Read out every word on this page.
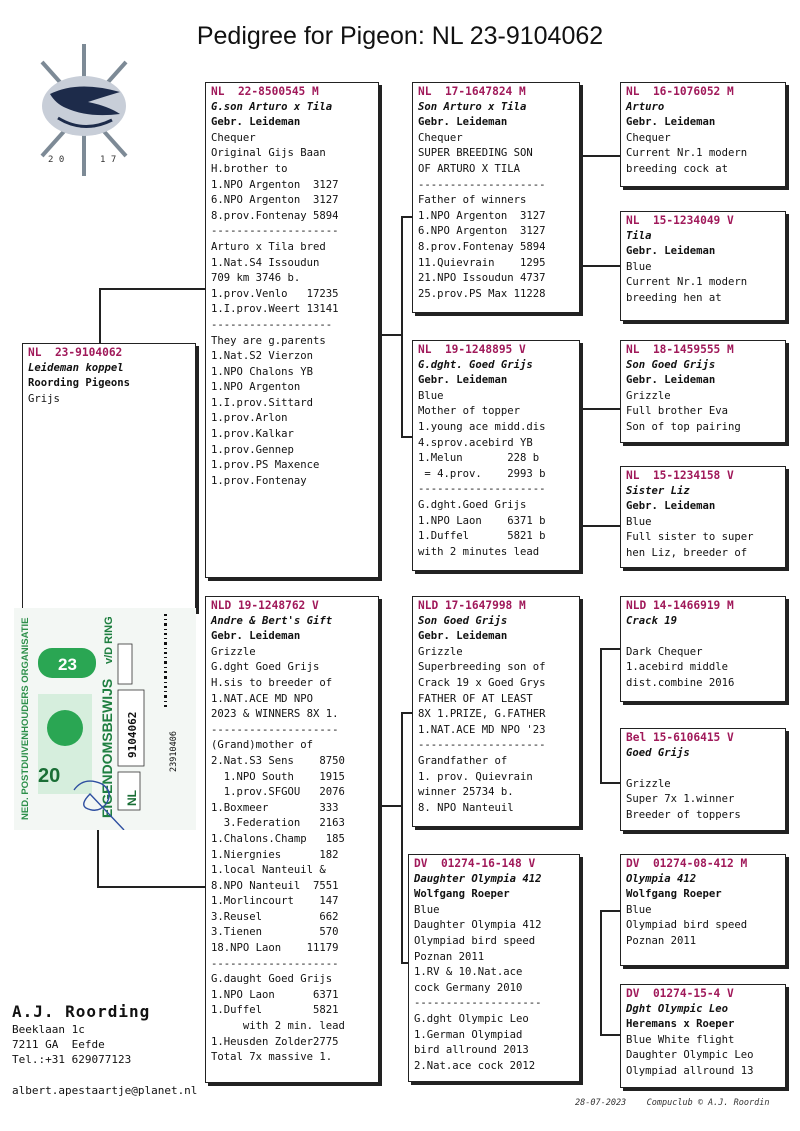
Pedigree for Pigeon: NL 23-9104062
2 0	1 7
NL  23-9104062
Leideman koppel
Roording Pigeons
Grijs
NL  22-8500545 M
G.son Arturo x Tila
Gebr. Leideman
Chequer
Original Gijs Baan
H.brother to
1.NPO Argenton  3127
6.NPO Argenton  3127
8.prov.Fontenay 5894
--------------------
Arturo x Tila bred
1.Nat.S4 Issoudun
709 km 3746 b.
1.prov.Venlo   17235
1.I.prov.Weert 13141
-------------------
They are g.parents
1.Nat.S2 Vierzon
1.NPO Chalons YB
1.NPO Argenton
1.I.prov.Sittard
1.prov.Arlon
1.prov.Kalkar
1.prov.Gennep
1.prov.PS Maxence
1.prov.Fontenay
NLD 19-1248762 V
Andre & Bert's Gift
Gebr. Leideman
Grizzle
G.dght Goed Grijs
H.sis to breeder of
1.NAT.ACE MD NPO
2023 & WINNERS 8X 1.
--------------------
(Grand)mother of
2.Nat.S3 Sens    8750
1.NPO South    1915
1.prov.SFGOU   2076
1.Boxmeer        333
3.Federation   2163
1.Chalons.Champ   185
1.Niergnies      182
1.local Nanteuil &
8.NPO Nanteuil  7551
1.Morlincourt    147
3.Reusel         662
3.Tienen         570
18.NPO Laon    11179
--------------------
G.daught Goed Grijs
1.NPO Laon      6371
1.Duffel        5821
with 2 min. lead
1.Heusden Zolder2775
Total 7x massive 1.
NL  17-1647824 M
Son Arturo x Tila
Gebr. Leideman
Chequer
SUPER BREEDING SON
OF ARTURO X TILA
--------------------
Father of winners
1.NPO Argenton  3127
6.NPO Argenton  3127
8.prov.Fontenay 5894
11.Quievrain    1295
21.NPO Issoudun 4737
25.prov.PS Max 11228
NL  19-1248895 V
G.dght. Goed Grijs
Gebr. Leideman
Blue
Mother of topper
1.young ace midd.dis
4.sprov.acebird YB
1.Melun       228 b
= 4.prov.    2993 b
--------------------
G.dght.Goed Grijs
1.NPO Laon    6371 b
1.Duffel      5821 b
with 2 minutes lead
NLD 17-1647998 M
Son Goed Grijs
Gebr. Leideman
Grizzle
Superbreeding son of
Crack 19 x Goed Grys
FATHER OF AT LEAST
8X 1.PRIZE, G.FATHER
1.NAT.ACE MD NPO '23
--------------------
Grandfather of
1. prov. Quievrain
winner 25734 b.
8. NPO Nanteuil
DV  01274-16-148 V
Daughter Olympia 412
Wolfgang Roeper
Blue
Daughter Olympia 412
Olympiad bird speed
Poznan 2011
1.RV & 10.Nat.ace
cock Germany 2010
--------------------
G.dght Olympic Leo
1.German Olympiad
bird allround 2013
2.Nat.ace cock 2012
NL  16-1076052 M
Arturo
Gebr. Leideman
Chequer
Current Nr.1 modern
breeding cock at
NL  15-1234049 V
Tila
Gebr. Leideman
Blue
Current Nr.1 modern
breeding hen at
NL  18-1459555 M
Son Goed Grijs
Gebr. Leideman
Grizzle
Full brother Eva
Son of top pairing
NL  15-1234158 V
Sister Liz
Gebr. Leideman
Blue
Full sister to super
hen Liz, breeder of
NLD 14-1466919 M
Crack 19
Dark Chequer
1.acebird middle
dist.combine 2016
Bel 15-6106415 V
Goed Grijs
Grizzle
Super 7x 1.winner
Breeder of toppers
DV  01274-08-412 M
Olympia 412
Wolfgang Roeper
Blue
Olympiad bird speed
Poznan 2011
DV  01274-15-4 V
Dght Olympic Leo
Heremans x Roeper
Blue White flight
Daughter Olympic Leo
Olympiad allround 13
NED. POSTDUIVENHOUDERS ORGANISATIE 23
20	EIGENDOMSBEWIJS
v/D RING
9104062
NL
23910406
A.J. Roording
Beeklaan 1c
7211 GA  Eefde
Tel.:+31 629077123
albert.apestaartje@planet.nl
28-07-2023    Compuclub © A.J. Roordin
